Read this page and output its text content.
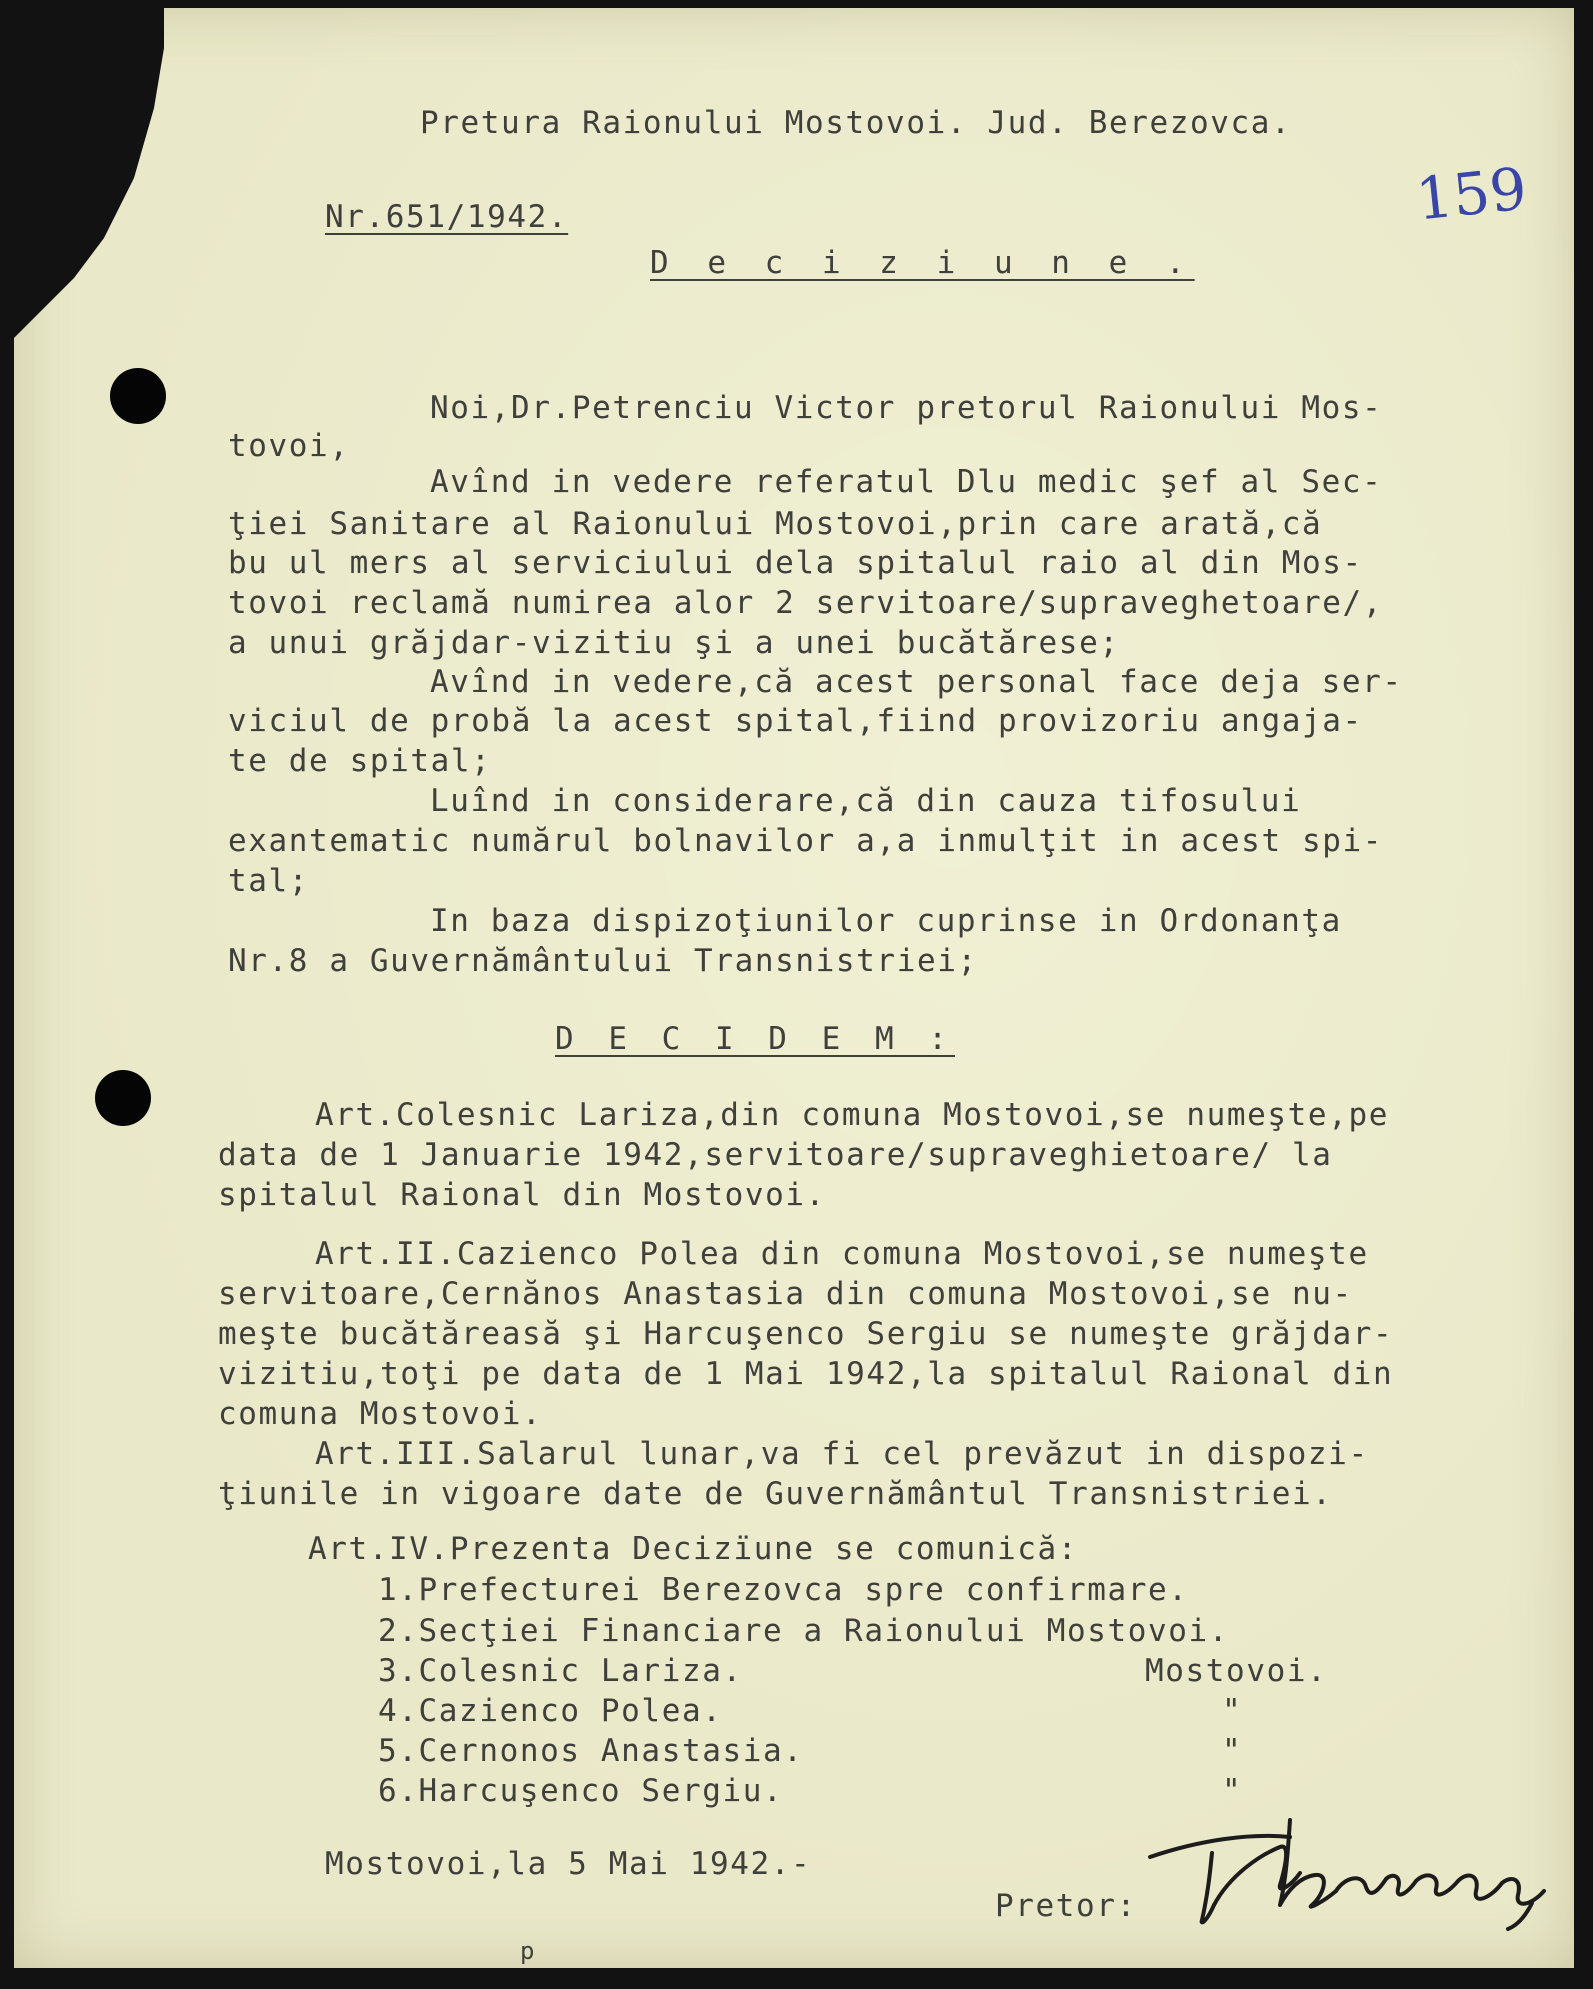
159
Pretura Raionului Mostovoi. Jud. Berezovca.
Nr.651/1942.
D e c i z i u n e .
Noi,Dr.Petrenciu Victor pretorul Raionului Mos-
tovoi,
Avînd in vedere referatul Dlu medic şef al Sec-
ţiei Sanitare al Raionului Mostovoi,prin care arată,că
bu ul mers al serviciului dela spitalul raio al din Mos-
tovoi reclamă numirea alor 2 servitoare/supraveghetoare/,
a unui grăjdar-vizitiu şi a unei bucătărese;
Avînd in vedere,că acest personal face deja ser-
viciul de probă la acest spital,fiind provizoriu angaja-
te de spital;
Luînd in considerare,că din cauza tifosului
exantematic numărul bolnavilor a,a inmulţit in acest spi-
tal;
In baza dispizoţiunilor cuprinse in Ordonanţa
Nr.8 a Guvernământului Transnistriei;
D E C I D E M :
Art.Colesnic Lariza,din comuna Mostovoi,se numeşte,pe
data de 1 Januarie 1942,servitoare/supraveghietoare/ la
spitalul Raional din Mostovoi.
Art.II.Cazienco Polea din comuna Mostovoi,se numeşte
servitoare,Cernănos Anastasia din comuna Mostovoi,se nu-
meşte bucătăreasă şi Harcuşenco Sergiu se numeşte grăjdar-
vizitiu,toţi pe data de 1 Mai 1942,la spitalul Raional din
comuna Mostovoi.
Art.III.Salarul lunar,va fi cel prevăzut in dispozi-
ţiunile in vigoare date de Guvernământul Transnistriei.
Art.IV.Prezenta Decizïune se comunică:
1.Prefecturei Berezovca spre confirmare.
2.Secţiei Financiare a Raionului Mostovoi.
3.Colesnic Lariza.	Mostovoi.
4.Cazienco Polea.	"
5.Cernonos Anastasia.	"
6.Harcuşenco Sergiu.	"
Mostovoi,la 5 Mai 1942.-
Pretor:
p
